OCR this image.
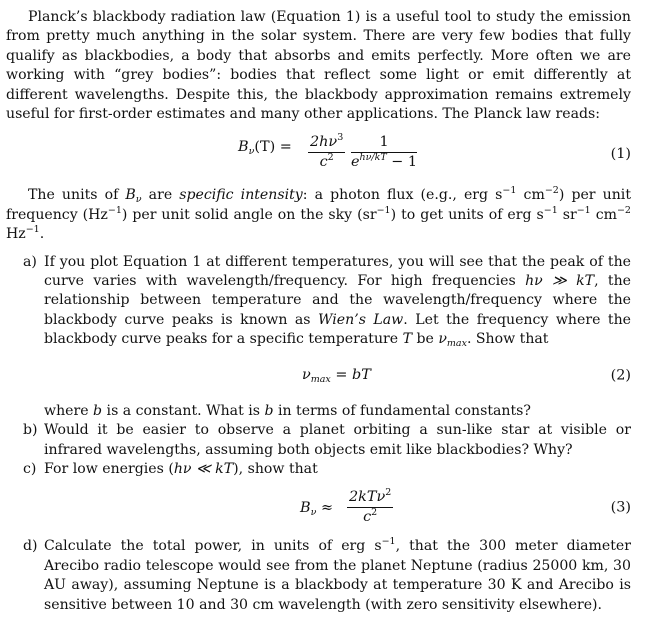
Planck’s blackbody radiation law (Equation 1) is a useful tool to study the emission from pretty much anything in the solar system. There are very few bodies that fully qualify as blackbodies, a body that absorbs and emits perfectly. More often we are working with “grey bodies”: bodies that reflect some light or emit differently at different wavelengths. Despite this, the blackbody approximation remains extremely useful for first-order estimates and many other applications. The Planck law reads:

$B_\nu(T) = \frac{2h\nu^3}{c^2}$	1
$e^{h\nu/kT} - 1$	(1)

The units of $B_\nu$ are specific intensity: a photon flux (e.g., erg $s^{-1}$ $cm^{-2}$) per unit frequency $(Hz^{-1})$ per unit solid angle on the sky $(sr^{-1})$ to get units of erg $s^{-1}$ $sr^{-1}$ $cm^{-2}$ $Hz^{-1}$.

a) If you plot Equation 1 at different temperatures, you will see that the peak of the curve varies with wavelength/frequency. For high frequencies hν ≫ kT, the relationship between temperature and the wavelength/frequency where the blackbody curve peaks is known as Wien’s Law. Let the frequency where the blackbody curve peaks for a specific temperature T be $\nu_{max}$. Show that
$\nu_{max}$ = bT	(2)
where b is a constant. What is b in terms of fundamental constants?
b) Would it be easier to observe a planet orbiting a sun-like star at visible or infrared wavelengths, assuming both objects emit like blackbodies? Why?
c) For low energies (hν ≪ kT), show that
$B_\nu$ ≈
2kTν$^2$
$c^2$	(3)
d) Calculate the total power, in units of erg $s^{-1}$, that the 300 meter diameter Arecibo radio telescope would see from the planet Neptune (radius 25000 km, 30 AU away), assuming Neptune is a blackbody at temperature 30 K and Arecibo is sensitive between 10 and 30 cm wavelength (with zero sensitivity elsewhere).
